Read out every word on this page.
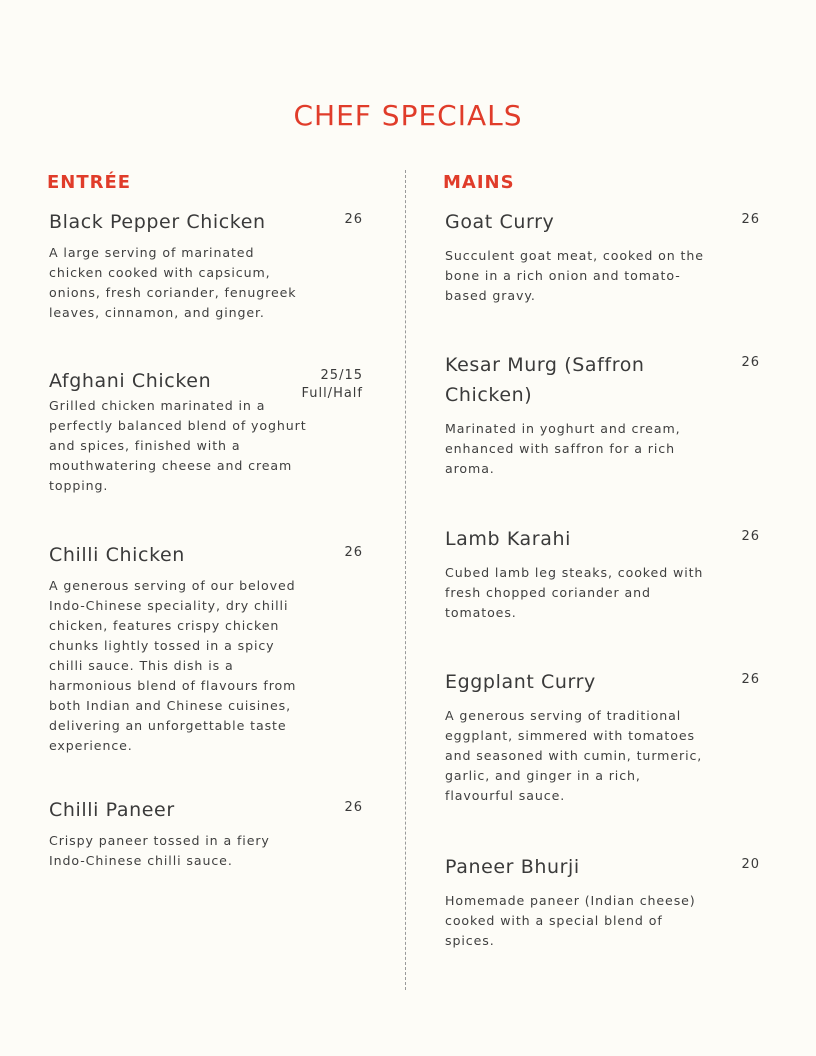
CHEF SPECIALS
ENTRÉE

Black Pepper Chicken	26

A large serving of marinated chicken cooked with capsicum, onions, fresh coriander, fenugreek leaves, cinnamon, and ginger.

Afghani Chicken	25/15
Full/Half

Grilled chicken marinated in a perfectly balanced blend of yoghurt and spices, finished with a mouthwatering cheese and cream topping.

Chilli Chicken	26

A generous serving of our beloved Indo-Chinese speciality, dry chilli chicken, features crispy chicken chunks lightly tossed in a spicy chilli sauce. This dish is a harmonious blend of flavours from both Indian and Chinese cuisines, delivering an unforgettable taste experience.

Chilli Paneer	26

Crispy paneer tossed in a fiery Indo-Chinese chilli sauce.

MAINS

Goat Curry	26

Succulent goat meat, cooked on the bone in a rich onion and tomato-based gravy.

Kesar Murg (Saffron Chicken)

26

Marinated in yoghurt and cream, enhanced with saffron for a rich aroma.

Lamb Karahi	26

Cubed lamb leg steaks, cooked with fresh chopped coriander and tomatoes.

Eggplant Curry	26

A generous serving of traditional eggplant, simmered with tomatoes and seasoned with cumin, turmeric, garlic, and ginger in a rich, flavourful sauce.

Paneer Bhurji	20

Homemade paneer (Indian cheese) cooked with a special blend of spices.
